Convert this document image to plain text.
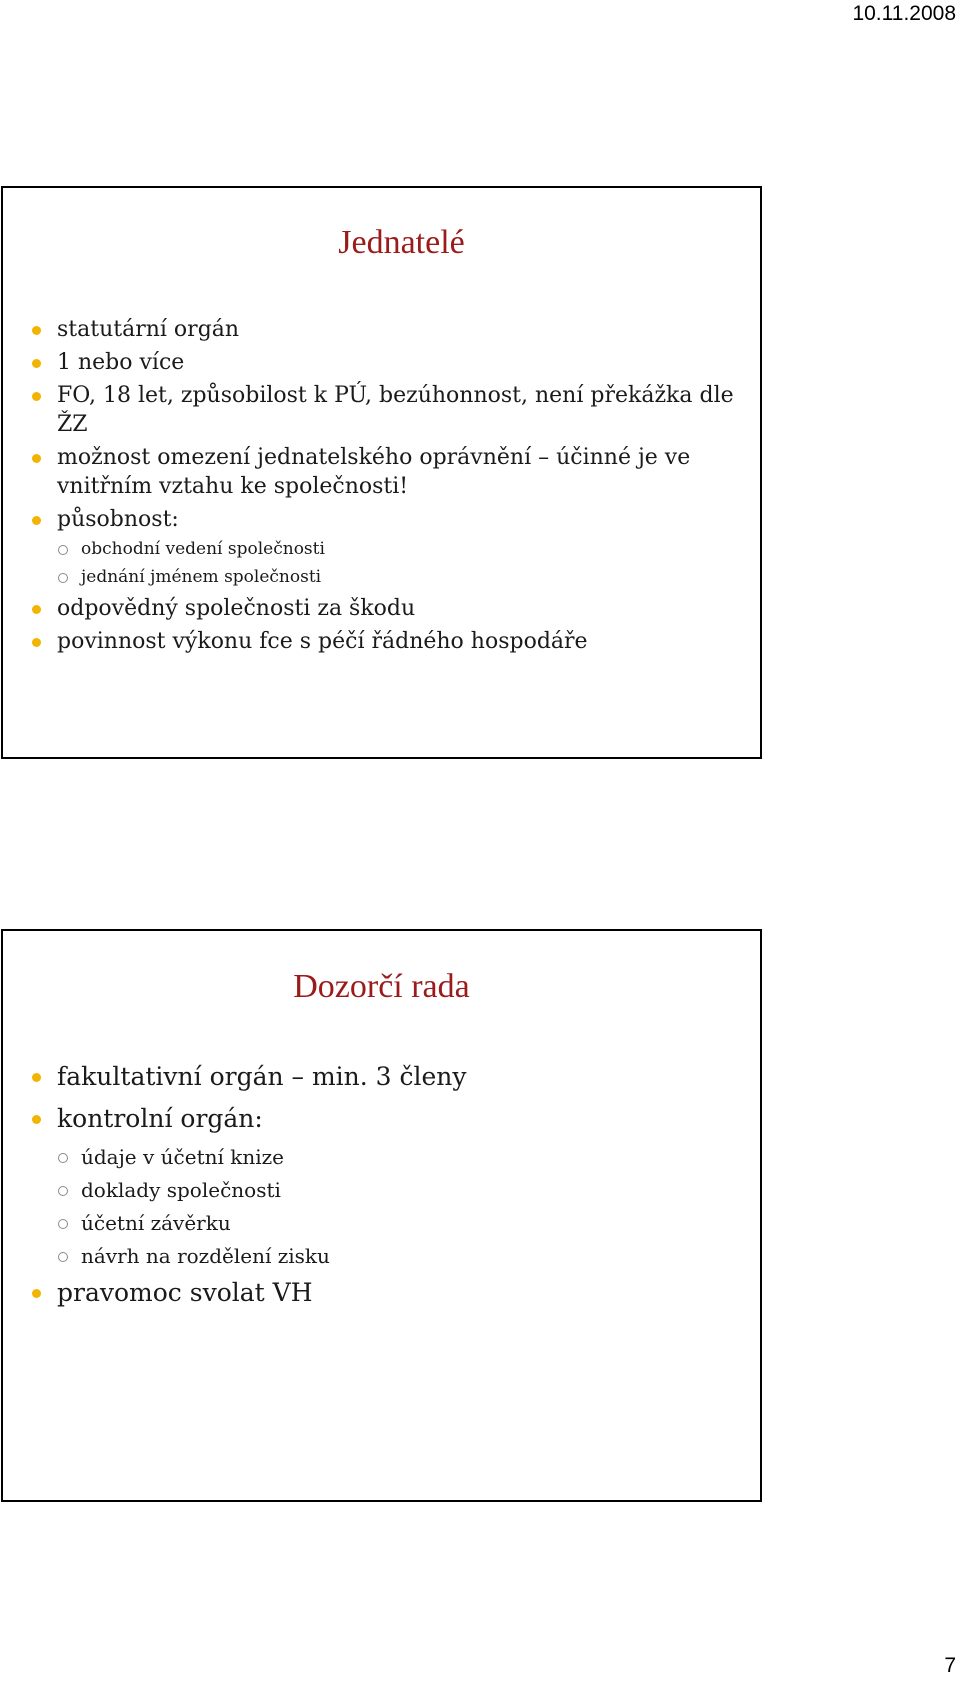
10.11.2008
Jednatelé
statutární orgán
1 nebo více
FO, 18 let, způsobilost k PÚ, bezúhonnost, není překážka dle ŽZ
možnost omezení jednatelského oprávnění – účinné je ve vnitřním vztahu ke společnosti!
působnost:
obchodní vedení společnosti
jednání jménem společnosti
odpovědný společnosti za škodu
povinnost výkonu fce s péčí řádného hospodáře
Dozorčí rada
fakultativní orgán – min. 3 členy
kontrolní orgán:
údaje v účetní knize
doklady společnosti
účetní závěrku
návrh na rozdělení zisku
pravomoc svolat VH
7
